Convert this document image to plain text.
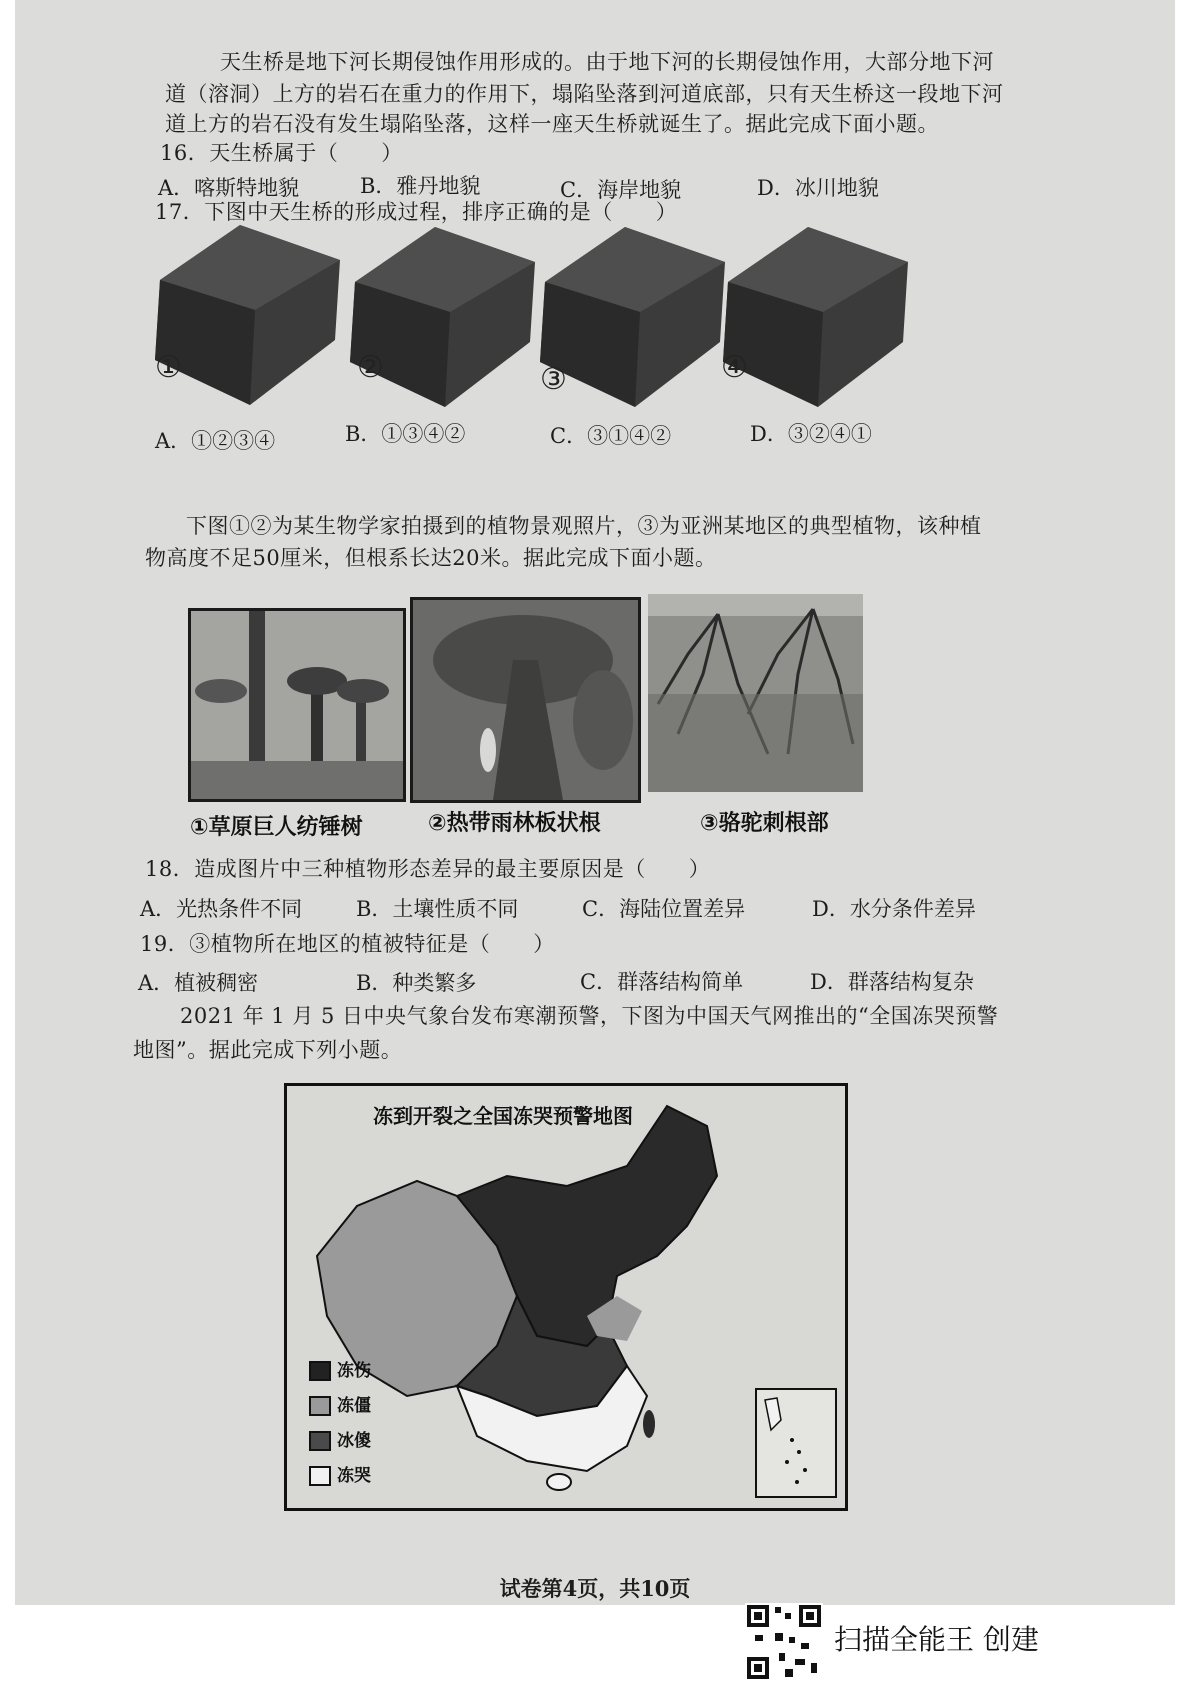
天生桥是地下河长期侵蚀作用形成的。由于地下河的长期侵蚀作用，大部分地下河
道（溶洞）上方的岩石在重力的作用下，塌陷坠落到河道底部，只有天生桥这一段地下河
道上方的岩石没有发生塌陷坠落，这样一座天生桥就诞生了。据此完成下面小题。
16．天生桥属于（　　）
A．喀斯特地貌	B．雅丹地貌	C．海岸地貌	D．冰川地貌
17．下图中天生桥的形成过程，排序正确的是（　　）
①	②	③	④
A．①②③④	B．①③④②	C．③①④②	D．③②④①
下图①②为某生物学家拍摄到的植物景观照片，③为亚洲某地区的典型植物，该种植
物高度不足50厘米，但根系长达20米。据此完成下面小题。
①草原巨人纺锤树	②热带雨林板状根	③骆驼刺根部
18．造成图片中三种植物形态差异的最主要原因是（　　）
A．光热条件不同	B．土壤性质不同	C．海陆位置差异	D．水分条件差异
19．③植物所在地区的植被特征是（　　）
A．植被稠密	B．种类繁多	C．群落结构简单	D．群落结构复杂
2021 年 1 月 5 日中央气象台发布寒潮预警，下图为中国天气网推出的“全国冻哭预警
地图”。据此完成下列小题。
冻到开裂之全国冻哭预警地图
冻伤
冻僵
冰傻
冻哭
试卷第4页，共10页
扫描全能王 创建
